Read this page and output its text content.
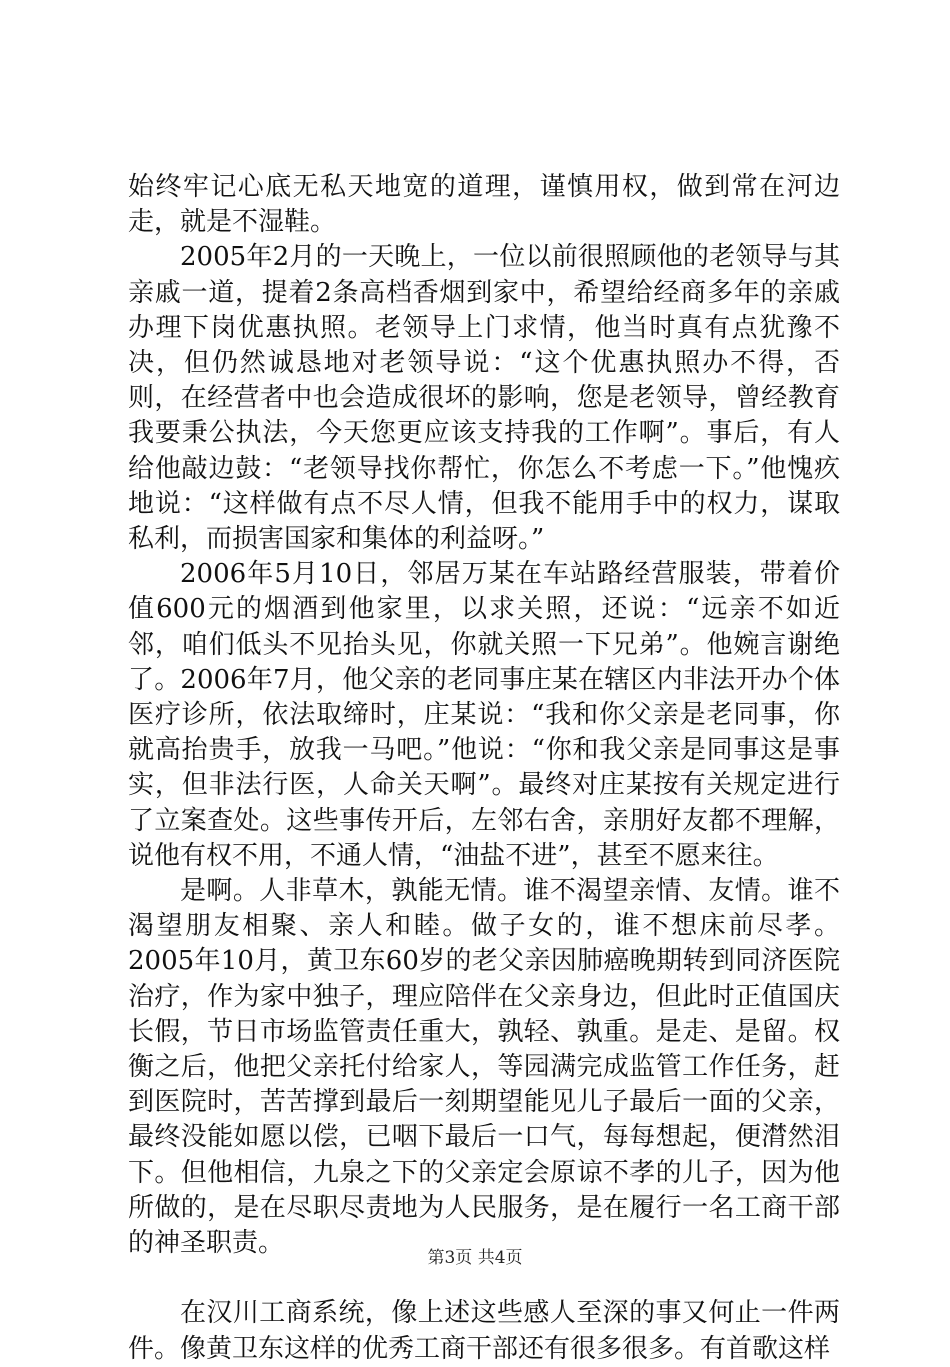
始终牢记心底无私天地宽的道理，谨慎用权，做到常在河边走，就是不湿鞋。

2005年2月的一天晚上，一位以前很照顾他的老领导与其亲戚一道，提着2条高档香烟到家中，希望给经商多年的亲戚办理下岗优惠执照。老领导上门求情，他当时真有点犹豫不决，但仍然诚恳地对老领导说：“这个优惠执照办不得，否则，在经营者中也会造成很坏的影响，您是老领导，曾经教育我要秉公执法，今天您更应该支持我的工作啊”。事后，有人给他敲边鼓：“老领导找你帮忙，你怎么不考虑一下。”他愧疚地说：“这样做有点不尽人情，但我不能用手中的权力，谋取私利，而损害国家和集体的利益呀。”

2006年5月10日，邻居万某在车站路经营服装，带着价值600元的烟酒到他家里，以求关照，还说：“远亲不如近邻，咱们低头不见抬头见，你就关照一下兄弟”。他婉言谢绝了。2006年7月，他父亲的老同事庄某在辖区内非法开办个体医疗诊所，依法取缔时，庄某说：“我和你父亲是老同事，你就高抬贵手，放我一马吧。”他说：“你和我父亲是同事这是事实，但非法行医，人命关天啊”。最终对庄某按有关规定进行了立案查处。这些事传开后，左邻右舍，亲朋好友都不理解，说他有权不用，不通人情，“油盐不进”，甚至不愿来往。

是啊。人非草木，孰能无情。谁不渴望亲情、友情。谁不渴望朋友相聚、亲人和睦。做子女的，谁不想床前尽孝。2005年10月，黄卫东60岁的老父亲因肺癌晚期转到同济医院治疗，作为家中独子，理应陪伴在父亲身边，但此时正值国庆长假，节日市场监管责任重大，孰轻、孰重。是走、是留。权衡之后，他把父亲托付给家人，等园满完成监管工作任务，赶到医院时，苦苦撑到最后一刻期望能见儿子最后一面的父亲，最终没能如愿以偿，已咽下最后一口气，每每想起，便潸然泪下。但他相信，九泉之下的父亲定会原谅不孝的儿子，因为他所做的，是在尽职尽责地为人民服务，是在履行一名工商干部的神圣职责。

在汉川工商系统，像上述这些感人至深的事又何止一件两件。像黄卫东这样的优秀工商干部还有很多很多。有首歌这样

第3页 共4页
